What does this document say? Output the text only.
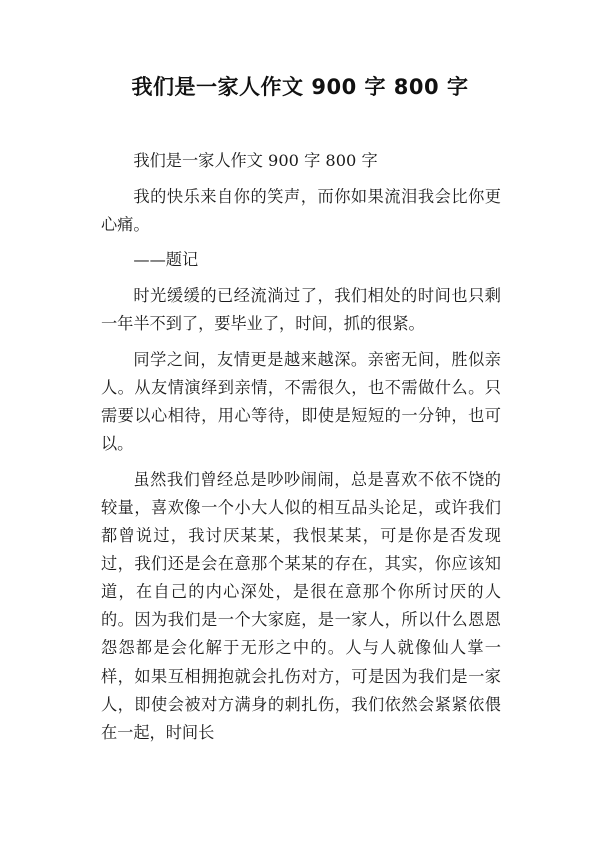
我们是一家人作文 900 字 800 字

我们是一家人作文 900 字 800 字

我的快乐来自你的笑声，而你如果流泪我会比你更心痛。

——题记

时光缓缓的已经流淌过了，我们相处的时间也只剩一年半不到了，要毕业了，时间，抓的很紧。

同学之间，友情更是越来越深。亲密无间，胜似亲人。从友情演绎到亲情，不需很久，也不需做什么。只需要以心相待，用心等待，即使是短短的一分钟，也可以。

虽然我们曾经总是吵吵闹闹，总是喜欢不依不饶的较量，喜欢像一个小大人似的相互品头论足，或许我们都曾说过，我讨厌某某，我恨某某，可是你是否发现过，我们还是会在意那个某某的存在，其实，你应该知道，在自己的内心深处，是很在意那个你所讨厌的人的。因为我们是一个大家庭，是一家人，所以什么恩恩怨怨都是会化解于无形之中的。人与人就像仙人掌一样，如果互相拥抱就会扎伤对方，可是因为我们是一家人，即使会被对方满身的刺扎伤，我们依然会紧紧依偎在一起，时间长
